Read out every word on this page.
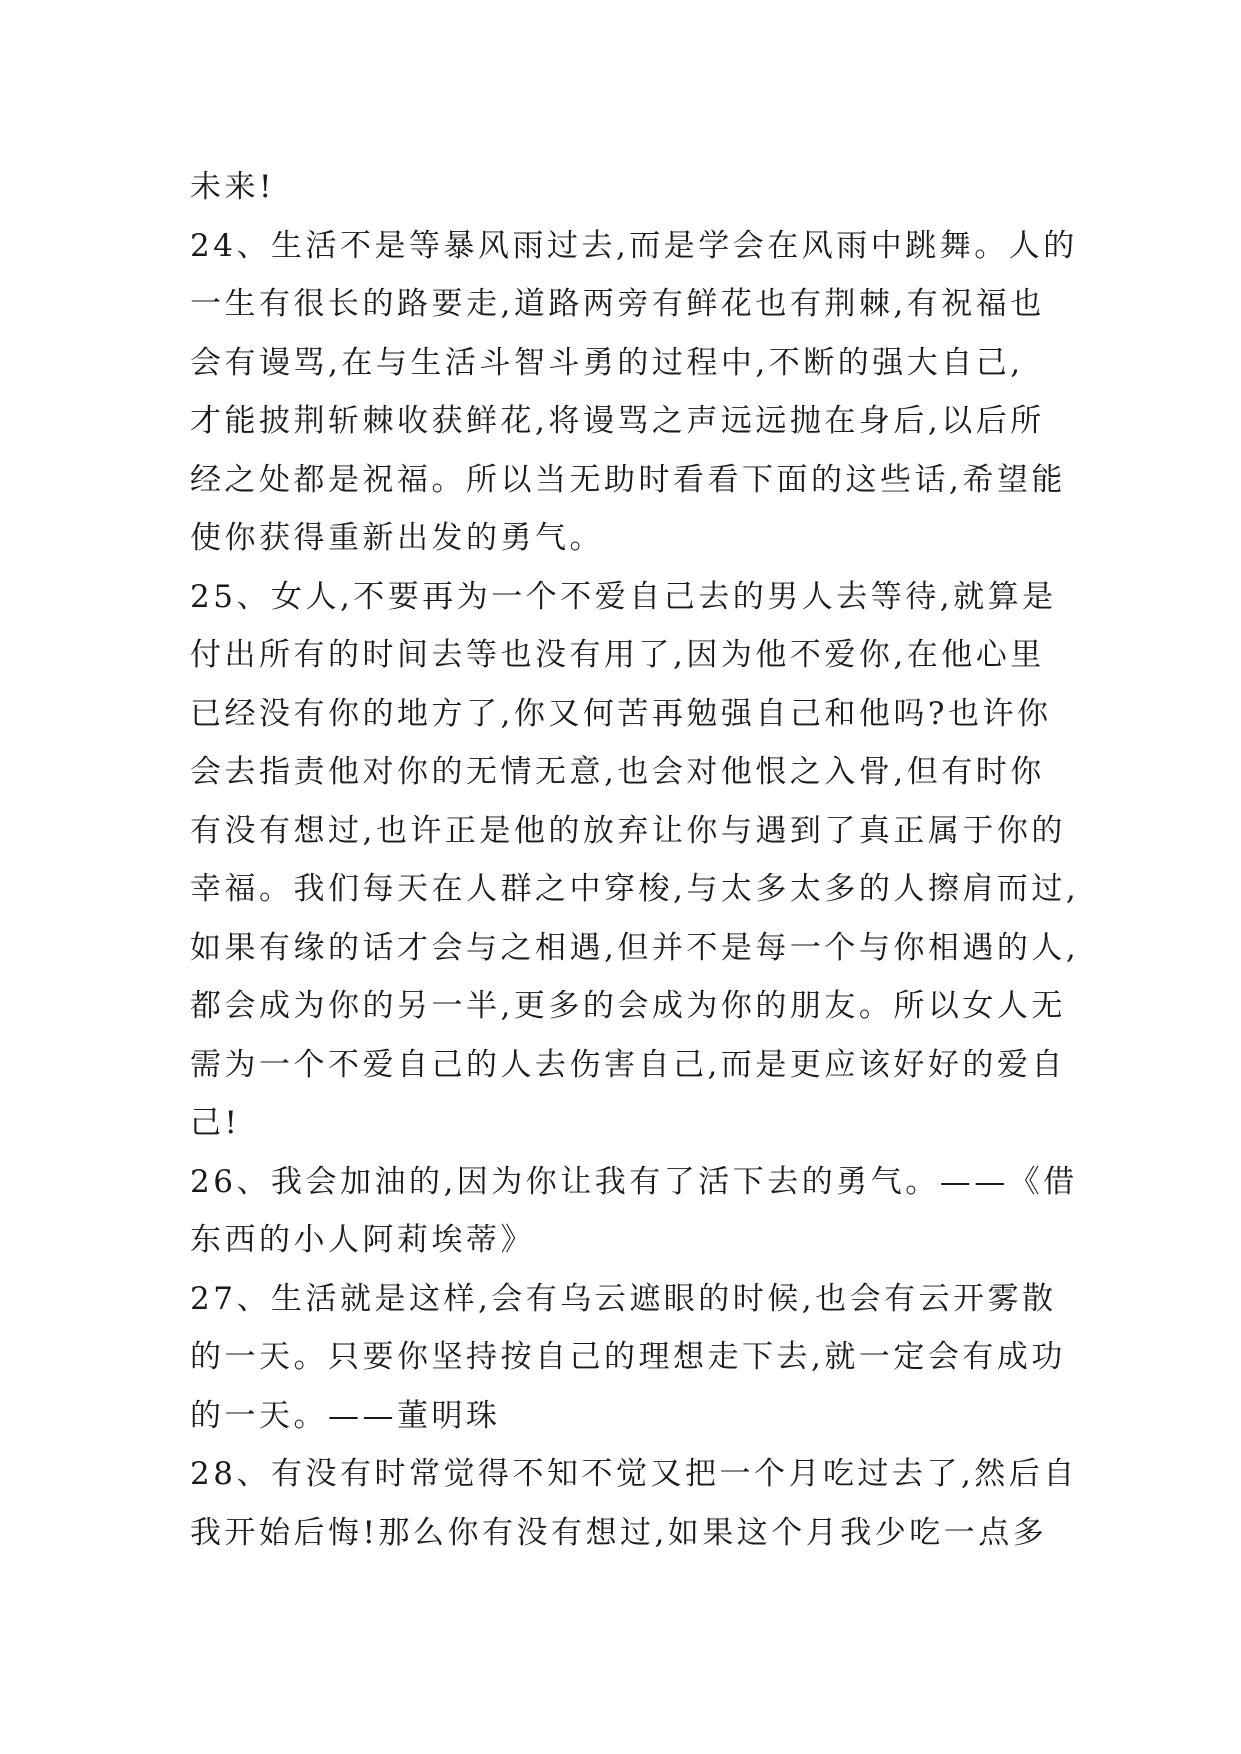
未来!
24、生活不是等暴风雨过去,而是学会在风雨中跳舞。人的
一生有很长的路要走,道路两旁有鲜花也有荆棘,有祝福也
会有谩骂,在与生活斗智斗勇的过程中,不断的强大自己,
才能披荆斩棘收获鲜花,将谩骂之声远远抛在身后,以后所
经之处都是祝福。所以当无助时看看下面的这些话,希望能
使你获得重新出发的勇气。
25、女人,不要再为一个不爱自己去的男人去等待,就算是
付出所有的时间去等也没有用了,因为他不爱你,在他心里
已经没有你的地方了,你又何苦再勉强自己和他吗?也许你
会去指责他对你的无情无意,也会对他恨之入骨,但有时你
有没有想过,也许正是他的放弃让你与遇到了真正属于你的
幸福。我们每天在人群之中穿梭,与太多太多的人擦肩而过,
如果有缘的话才会与之相遇,但并不是每一个与你相遇的人,
都会成为你的另一半,更多的会成为你的朋友。所以女人无
需为一个不爱自己的人去伤害自己,而是更应该好好的爱自
己!
26、我会加油的,因为你让我有了活下去的勇气。——《借
东西的小人阿莉埃蒂》
27、生活就是这样,会有乌云遮眼的时候,也会有云开雾散
的一天。只要你坚持按自己的理想走下去,就一定会有成功
的一天。——董明珠
28、有没有时常觉得不知不觉又把一个月吃过去了,然后自
我开始后悔!那么你有没有想过,如果这个月我少吃一点多
